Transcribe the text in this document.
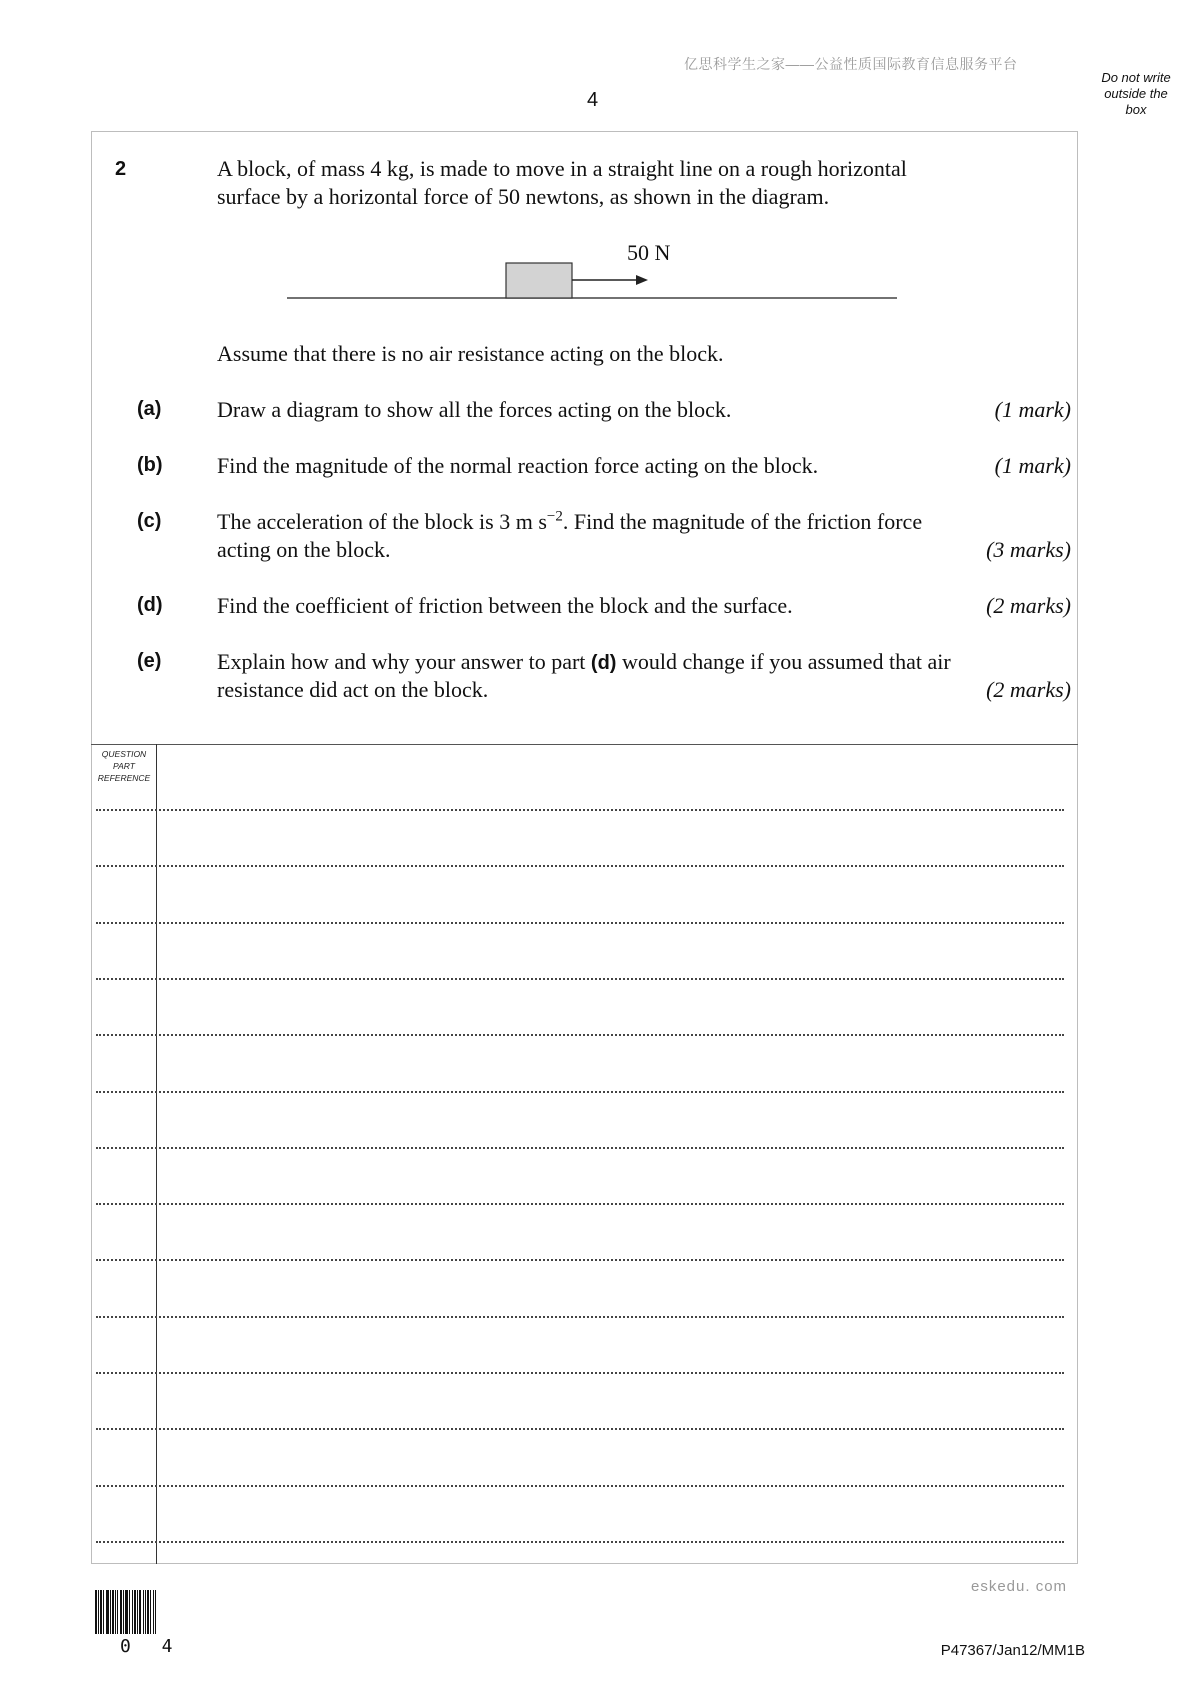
亿思科学生之家——公益性质国际教育信息服务平台
4
Do not write outside the box
QUESTION PART REFERENCE
2	A block, of mass 4 kg, is made to move in a straight line on a rough horizontal
surface by a horizontal force of 50 newtons, as shown in the diagram.
50 N
Assume that there is no air resistance acting on the block.
(a)	Draw a diagram to show all the forces acting on the block.	(1 mark)
(b) Find the magnitude of the normal reaction force acting on the block.	(1 mark)
(c)	The acceleration of the block is 3 m $s^{-2}$. Find the magnitude of the friction force
acting on the block.	(3 marks)
(d) Find the coefficient of friction between the block and the surface.	(2 marks)
(e)	Explain how and why your answer to part (d) would change if you assumed that air
resistance did act on the block.	(2 marks)
eskedu. com
0 4	P47367/Jan12/MM1B
